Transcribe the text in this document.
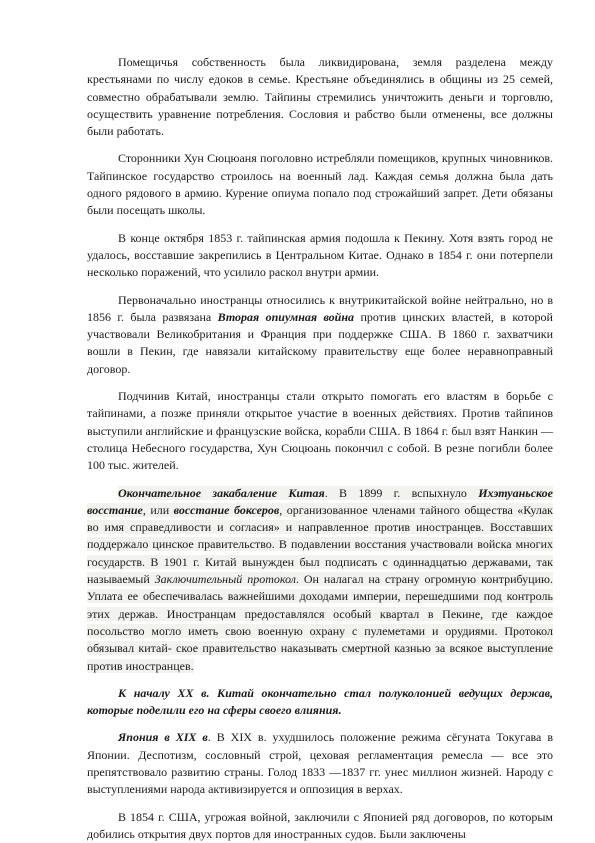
Помещичья собственность была ликвидирована, земля разделена между крестьянами по числу едоков в семье. Крестьяне объединялись в общины из 25 семей, совместно обрабатывали землю. Тайпины стремились уничтожить деньги и торговлю, осуществить уравнение потребления. Сословия и рабство были отменены, все должны были работать.

Сторонники Хун Сюцюаня поголовно истребляли помещиков, крупных чиновников. Тайпинское государство строилось на военный лад. Каждая семья должна была дать одного рядового в армию. Курение опиума попало под строжайший запрет. Дети обязаны были посещать школы.

В конце октября 1853 г. тайпинская армия подошла к Пекину. Хотя взять город не удалось, восставшие закрепились в Центральном Китае. Однако в 1854 г. они потерпели несколько поражений, что усилило раскол внутри армии.

Первоначально иностранцы относились к внутрикитайской войне нейтрально, но в 1856 г. была развязана Вторая опиумная война против цинских властей, в которой участвовали Великобритания и Франция при поддержке США. В 1860 г. захватчики вошли в Пекин, где навязали китайскому правительству еще более неравноправный договор.

Подчинив Китай, иностранцы стали открыто помогать его властям в борьбе с тайпинами, а позже приняли открытое участие в военных действиях. Против тайпинов выступили английские и французские войска, корабли США. В 1864 г. был взят Нанкин — столица Небесного государства, Хун Сюцюань покончил с собой. В резне погибли более 100 тыс. жителей.

Окончательное закабаление Китая. В 1899 г. вспыхнуло Ихэтуаньское восстание, или восстание боксеров, организованное членами тайного общества «Кулак во имя справедливости и согласия» и направленное против иностранцев. Восставших поддержало цинское правительство. В подавлении восстания участвовали войска многих государств. В 1901 г. Китай вынужден был подписать с одиннадцатью державами, так называемый Заключительный протокол. Он налагал на страну огромную контрибуцию. Уплата ее обеспечивалась важнейшими доходами империи, перешедшими под контроль этих держав. Иностранцам предоставлялся особый квартал в Пекине, где каждое посольство могло иметь свою военную охрану с пулеметами и орудиями. Протокол обязывал китай- ское правительство наказывать смертной казнью за всякое выступление против иностранцев.

К началу XX в. Китай окончательно стал полуколонией ведущих держав, которые поделили его на сферы своего влияния.

Япония в XIX в. В XIX в. ухудшилось положение режима сёгуната Токугава в Японии. Деспотизм, сословный строй, цеховая регламентация ремесла — все это препятствовало развитию страны. Голод 1833 —1837 гг. унес миллион жизней. Народу с выступлениями народа активизируется и оппозиция в верхах.

В 1854 г. США, угрожая войной, заключили с Японией ряд договоров, по которым добились открытия двух портов для иностранных судов. Были заключены
